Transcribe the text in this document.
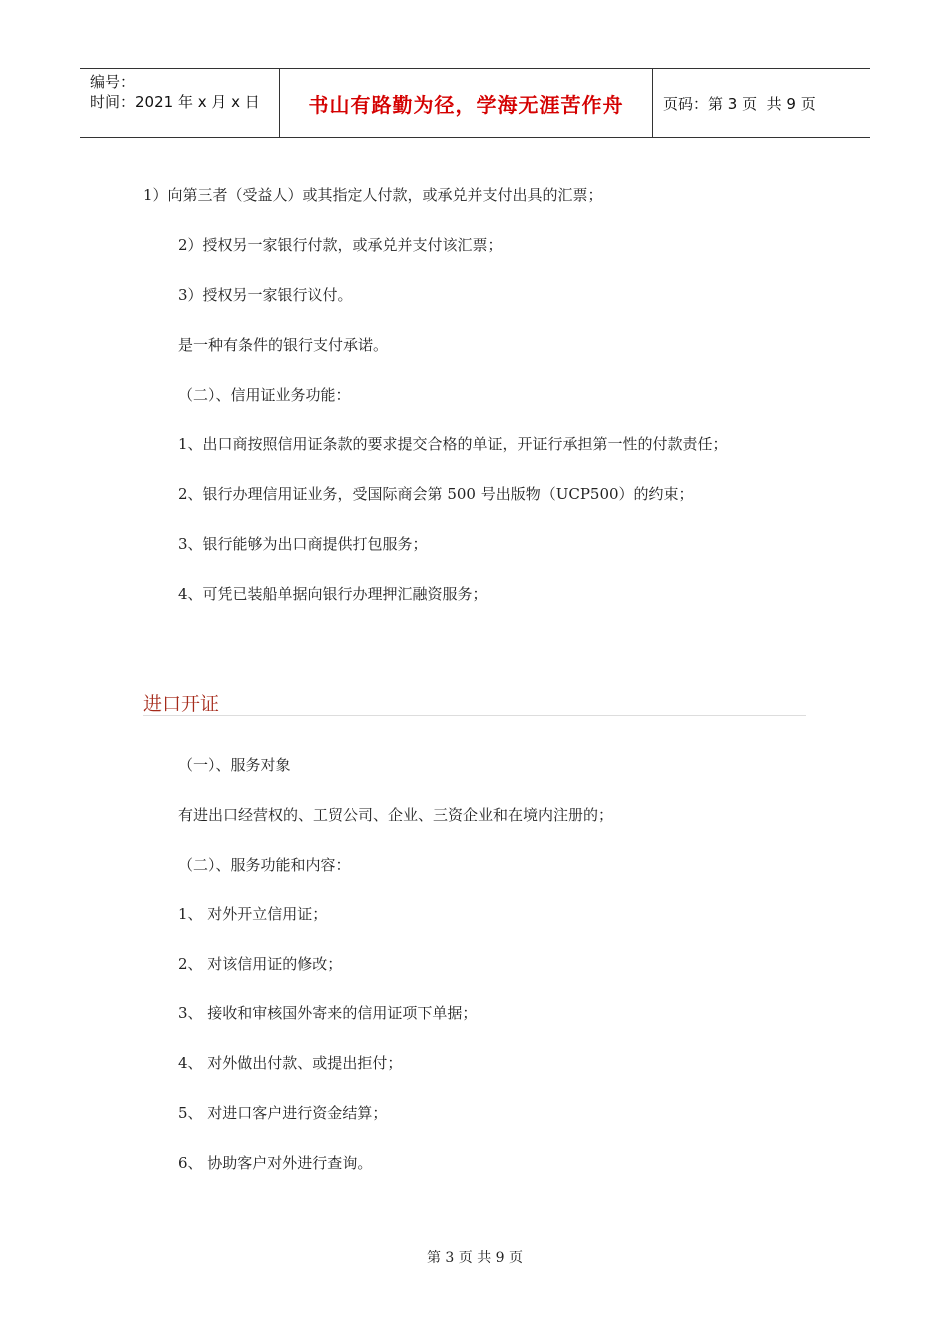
编号：
时间：2021 年 x 月 x 日	书山有路勤为径，学海无涯苦作舟	页码：第 3 页  共 9 页
1）向第三者（受益人）或其指定人付款，或承兑并支付出具的汇票；
2）授权另一家银行付款，或承兑并支付该汇票；
3）授权另一家银行议付。
是一种有条件的银行支付承诺。
（二）、信用证业务功能：
1、出口商按照信用证条款的要求提交合格的单证，开证行承担第一性的付款责任；
2、银行办理信用证业务，受国际商会第 500 号出版物（UCP500）的约束；
3、银行能够为出口商提供打包服务；
4、可凭已装船单据向银行办理押汇融资服务；
进口开证
（一）、服务对象
有进出口经营权的、工贸公司、企业、三资企业和在境内注册的；
（二）、服务功能和内容：
1、 对外开立信用证；
2、 对该信用证的修改；
3、 接收和审核国外寄来的信用证项下单据；
4、 对外做出付款、或提出拒付；
5、 对进口客户进行资金结算；
6、 协助客户对外进行查询。
第 3 页 共 9 页
